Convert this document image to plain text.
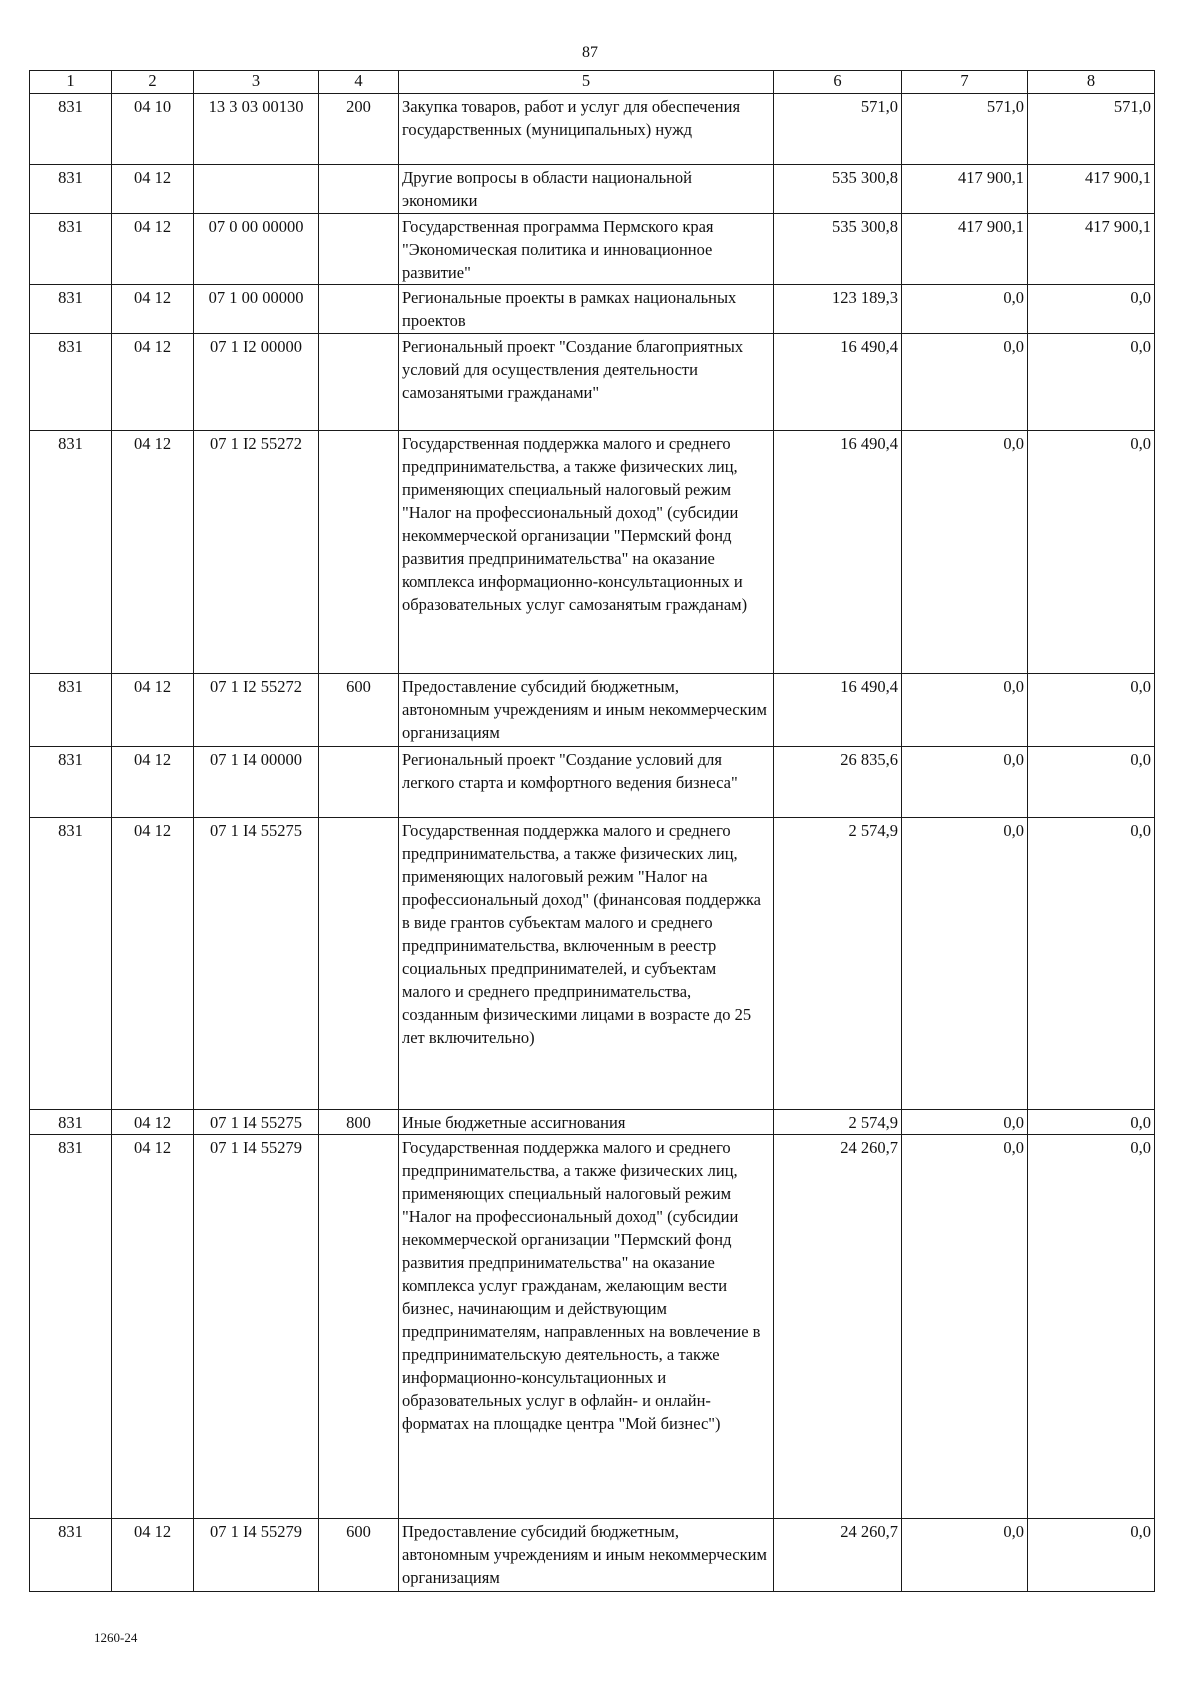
87
1	2	3	4	5	6	7	8
831	04 10	13 3 03 00130	200	Закупка товаров, работ и услуг для обеспечения государственных (муниципальных) нужд	571,0	571,0	571,0
831	04 12			Другие вопросы в области национальной экономики	535 300,8	417 900,1	417 900,1
831	04 12	07 0 00 00000		Государственная программа Пермского края "Экономическая политика и инновационное развитие"	535 300,8	417 900,1	417 900,1
831	04 12	07 1 00 00000		Региональные проекты в рамках национальных проектов	123 189,3	0,0	0,0
831	04 12	07 1 I2 00000		Региональный проект "Создание благоприятных условий для осуществления деятельности самозанятыми гражданами"	16 490,4	0,0	0,0
831	04 12	07 1 I2 55272		Государственная поддержка малого и среднего предпринимательства, а также физических лиц, применяющих специальный налоговый режим "Налог на профессиональный доход" (субсидии некоммерческой организации "Пермский фонд развития предпринимательства" на оказание комплекса информационно-консультационных и образовательных услуг самозанятым гражданам)	16 490,4	0,0	0,0
831	04 12	07 1 I2 55272	600	Предоставление субсидий бюджетным, автономным учреждениям и иным некоммерческим организациям	16 490,4	0,0	0,0
831	04 12	07 1 I4 00000		Региональный проект "Создание условий для легкого старта и комфортного ведения бизнеса"	26 835,6	0,0	0,0
831	04 12	07 1 I4 55275		Государственная поддержка малого и среднего предпринимательства, а также физических лиц, применяющих налоговый режим "Налог на профессиональный доход" (финансовая поддержка в виде грантов субъектам малого и среднего предпринимательства, включенным в реестр социальных предпринимателей, и субъектам малого и среднего предпринимательства, созданным физическими лицами в возрасте до 25 лет включительно)	2 574,9	0,0	0,0
831	04 12	07 1 I4 55275	800	Иные бюджетные ассигнования	2 574,9	0,0	0,0
831	04 12	07 1 I4 55279		Государственная поддержка малого и среднего предпринимательства, а также физических лиц, применяющих специальный налоговый режим "Налог на профессиональный доход" (субсидии некоммерческой организации "Пермский фонд развития предпринимательства" на оказание комплекса услуг гражданам, желающим вести бизнес, начинающим и действующим предпринимателям, направленных на вовлечение в предпринимательскую деятельность, а также информационно-консультационных и образовательных услуг в офлайн- и онлайн-форматах на площадке центра "Мой бизнес")	24 260,7	0,0	0,0
831	04 12	07 1 I4 55279	600	Предоставление субсидий бюджетным, автономным учреждениям и иным некоммерческим организациям	24 260,7	0,0	0,0
1260-24
